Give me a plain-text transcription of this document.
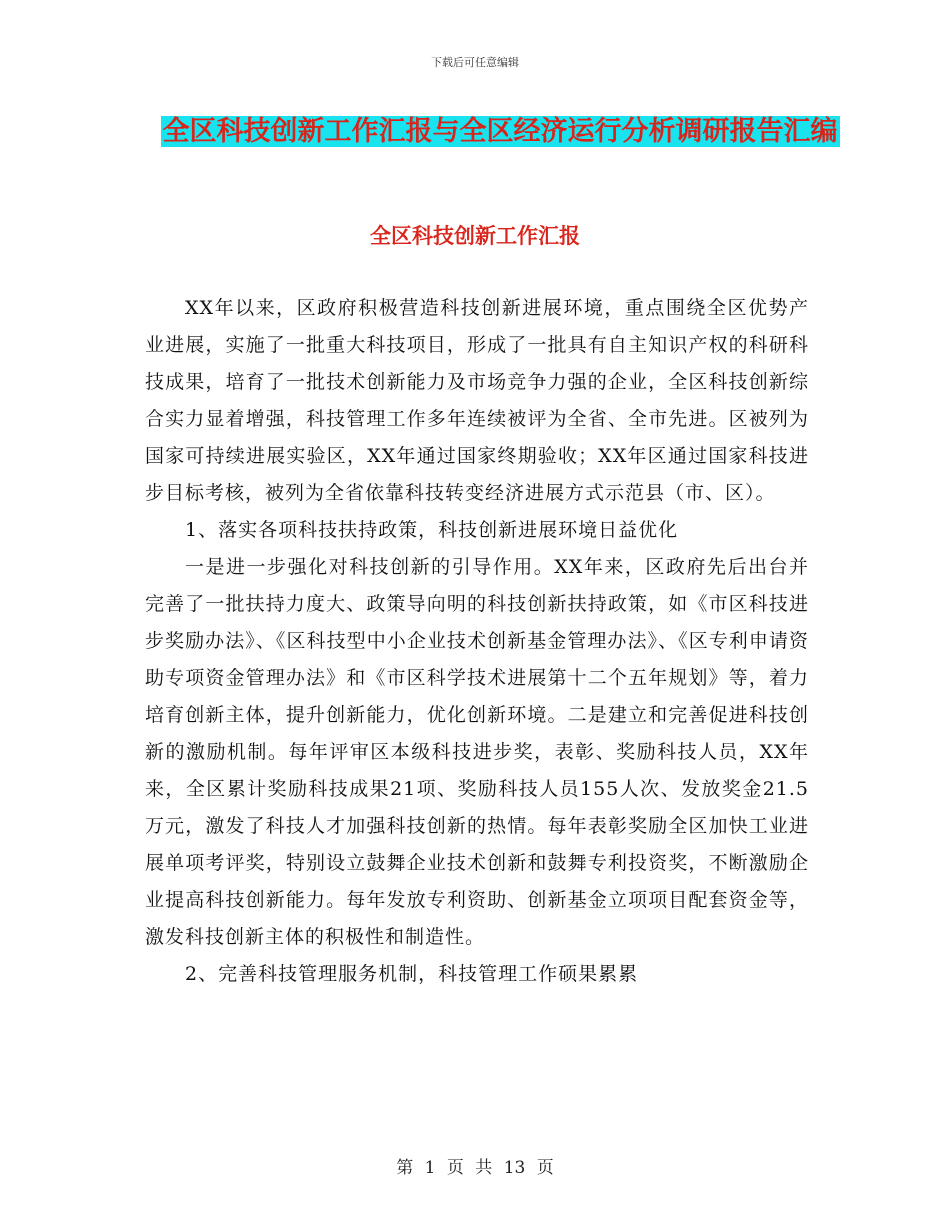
下载后可任意编辑
全区科技创新工作汇报与全区经济运行分析调研报告汇编
全区科技创新工作汇报

XX年以来，区政府积极营造科技创新进展环境，重点围绕全区优势产业进展，实施了一批重大科技项目，形成了一批具有自主知识产权的科研科技成果，培育了一批技术创新能力及市场竞争力强的企业，全区科技创新综合实力显着增强，科技管理工作多年连续被评为全省、全市先进。区被列为国家可持续进展实验区，XX年通过国家终期验收；XX年区通过国家科技进步目标考核，被列为全省依靠科技转变经济进展方式示范县（市、区）。

1、落实各项科技扶持政策，科技创新进展环境日益优化

一是进一步强化对科技创新的引导作用。XX年来，区政府先后出台并完善了一批扶持力度大、政策导向明的科技创新扶持政策，如《市区科技进步奖励办法》、《区科技型中小企业技术创新基金管理办法》、《区专利申请资助专项资金管理办法》和《市区科学技术进展第十二个五年规划》等，着力培育创新主体，提升创新能力，优化创新环境。二是建立和完善促进科技创新的激励机制。每年评审区本级科技进步奖，表彰、奖励科技人员，XX年来，全区累计奖励科技成果21项、奖励科技人员155人次、发放奖金21.5万元，激发了科技人才加强科技创新的热情。每年表彰奖励全区加快工业进展单项考评奖，特别设立鼓舞企业技术创新和鼓舞专利投资奖，不断激励企业提高科技创新能力。每年发放专利资助、创新基金立项项目配套资金等，激发科技创新主体的积极性和制造性。

2、完善科技管理服务机制，科技管理工作硕果累累

第 1 页 共 13 页
